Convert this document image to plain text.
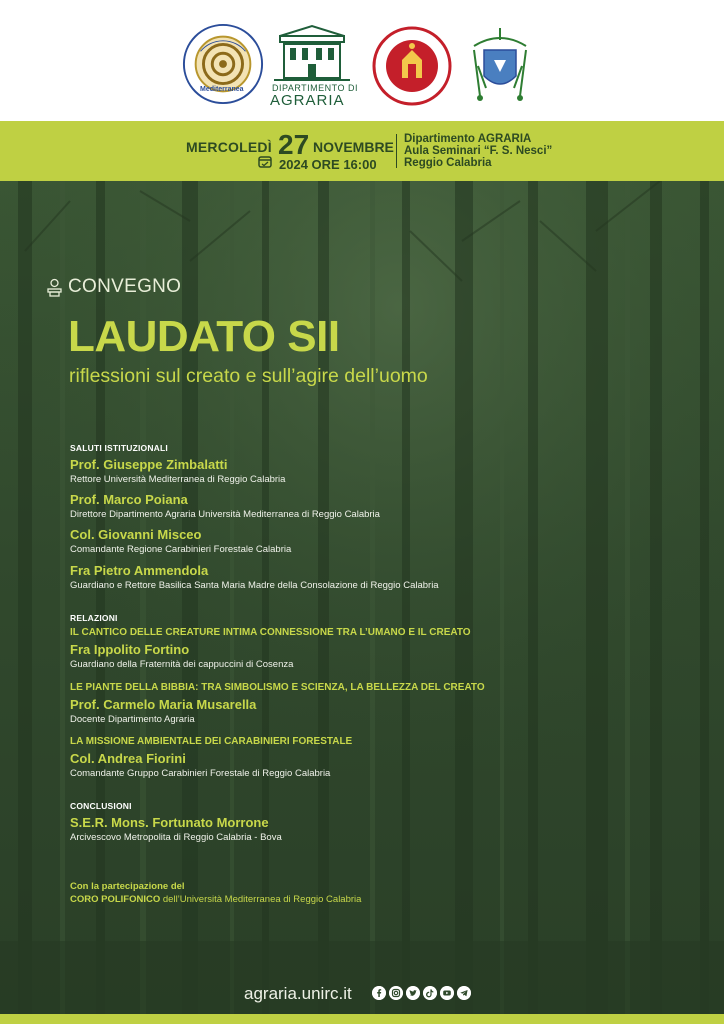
Mediterranea	DIPARTIMENTO DI
AGRARIA
MERCOLEDÌ 27 NOVEMBRE
2024 ORE 16:00
Dipartimento AGRARIA
Aula Seminari “F. S. Nesci”
Reggio Calabria
CONVEGNO
LAUDATO SII
riflessioni sul creato e sull’agire dell’uomo
SALUTI ISTITUZIONALI
Prof. Giuseppe Zimbalatti
Rettore Università Mediterranea di Reggio Calabria
Prof. Marco Poiana
Direttore Dipartimento Agraria Università Mediterranea di Reggio Calabria
Col. Giovanni Misceo
Comandante Regione Carabinieri Forestale Calabria
Fra Pietro Ammendola
Guardiano e Rettore Basilica Santa Maria Madre della Consolazione di Reggio Calabria
RELAZIONI
IL CANTICO DELLE CREATURE INTIMA CONNESSIONE TRA L’UMANO E IL CREATO
Fra Ippolito Fortino
Guardiano della Fraternità dei cappuccini di Cosenza
LE PIANTE DELLA BIBBIA: TRA SIMBOLISMO E SCIENZA, LA BELLEZZA DEL CREATO
Prof. Carmelo Maria Musarella
Docente Dipartimento Agraria
LA MISSIONE AMBIENTALE DEI CARABINIERI FORESTALE
Col. Andrea Fiorini
Comandante Gruppo Carabinieri Forestale di Reggio Calabria
CONCLUSIONI
S.E.R. Mons. Fortunato Morrone
Arcivescovo Metropolita di Reggio Calabria - Bova
Con la partecipazione del
CORO POLIFONICO dell’Università Mediterranea di Reggio Calabria
agraria.unirc.it
